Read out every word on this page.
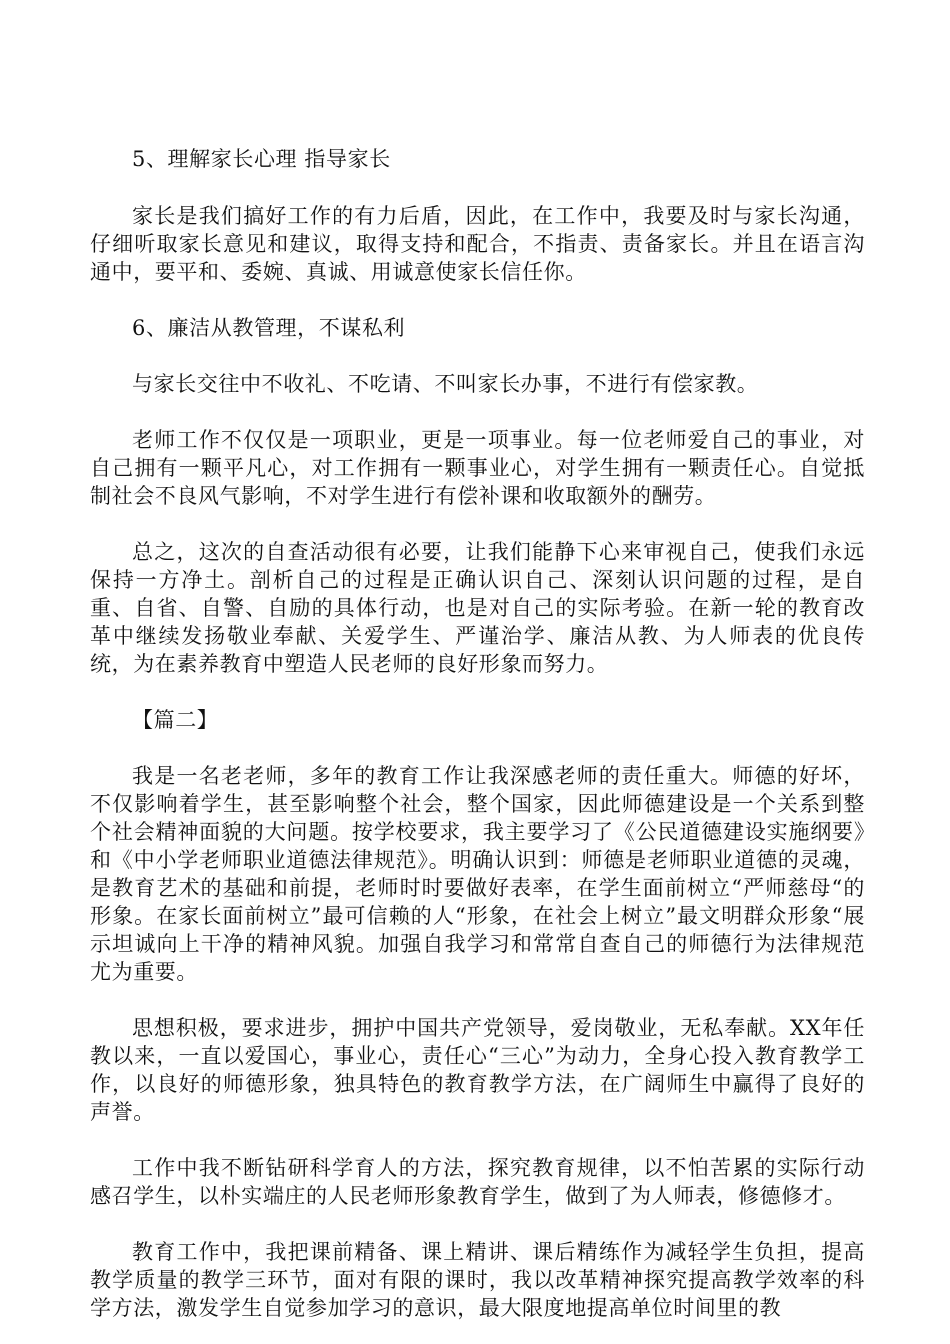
5、理解家长心理 指导家长

家长是我们搞好工作的有力后盾，因此，在工作中，我要及时与家长沟通，仔细听取家长意见和建议，取得支持和配合，不指责、责备家长。并且在语言沟通中，要平和、委婉、真诚、用诚意使家长信任你。

6、廉洁从教管理，不谋私利

与家长交往中不收礼、不吃请、不叫家长办事，不进行有偿家教。

老师工作不仅仅是一项职业，更是一项事业。每一位老师爱自己的事业，对自己拥有一颗平凡心，对工作拥有一颗事业心，对学生拥有一颗责任心。自觉抵制社会不良风气影响，不对学生进行有偿补课和收取额外的酬劳。

总之，这次的自查活动很有必要，让我们能静下心来审视自己，使我们永远保持一方净土。剖析自己的过程是正确认识自己、深刻认识问题的过程，是自重、自省、自警、自励的具体行动，也是对自己的实际考验。在新一轮的教育改革中继续发扬敬业奉献、关爱学生、严谨治学、廉洁从教、为人师表的优良传统，为在素养教育中塑造人民老师的良好形象而努力。

【篇二】

我是一名老老师，多年的教育工作让我深感老师的责任重大。师德的好坏，不仅影响着学生，甚至影响整个社会，整个国家，因此师德建设是一个关系到整个社会精神面貌的大问题。按学校要求，我主要学习了《公民道德建设实施纲要》和《中小学老师职业道德法律规范》。明确认识到：师德是老师职业道德的灵魂，是教育艺术的基础和前提，老师时时要做好表率，在学生面前树立“严师慈母“的形象。在家长面前树立”最可信赖的人“形象，在社会上树立”最文明群众形象“展示坦诚向上干净的精神风貌。加强自我学习和常常自查自己的师德行为法律规范尤为重要。

思想积极，要求进步，拥护中国共产党领导，爱岗敬业，无私奉献。XX年任教以来，一直以爱国心，事业心，责任心“三心”为动力，全身心投入教育教学工作，以良好的师德形象，独具特色的教育教学方法，在广阔师生中赢得了良好的声誉。

工作中我不断钻研科学育人的方法，探究教育规律，以不怕苦累的实际行动感召学生，以朴实端庄的人民老师形象教育学生，做到了为人师表，修德修才。

教育工作中，我把课前精备、课上精讲、课后精练作为减轻学生负担，提高教学质量的教学三环节，面对有限的课时，我以改革精神探究提高教学效率的科学方法，激发学生自觉参加学习的意识，最大限度地提高单位时间里的教
